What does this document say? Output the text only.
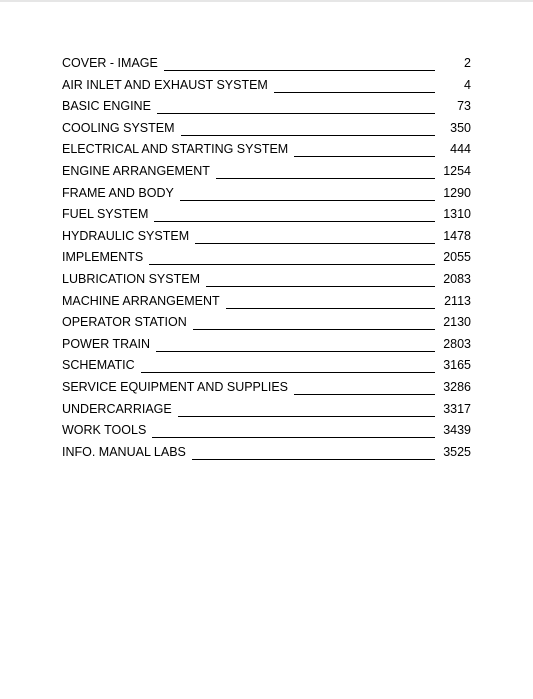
COVER - IMAGE	2
AIR INLET AND EXHAUST SYSTEM	4
BASIC ENGINE	73
COOLING SYSTEM	350
ELECTRICAL AND STARTING SYSTEM	444
ENGINE ARRANGEMENT	1254
FRAME AND BODY	1290
FUEL SYSTEM	1310
HYDRAULIC SYSTEM	1478
IMPLEMENTS	2055
LUBRICATION SYSTEM	2083
MACHINE ARRANGEMENT	2113
OPERATOR STATION	2130
POWER TRAIN	2803
SCHEMATIC	3165
SERVICE EQUIPMENT AND SUPPLIES	3286
UNDERCARRIAGE	3317
WORK TOOLS	3439
INFO. MANUAL LABS	3525
